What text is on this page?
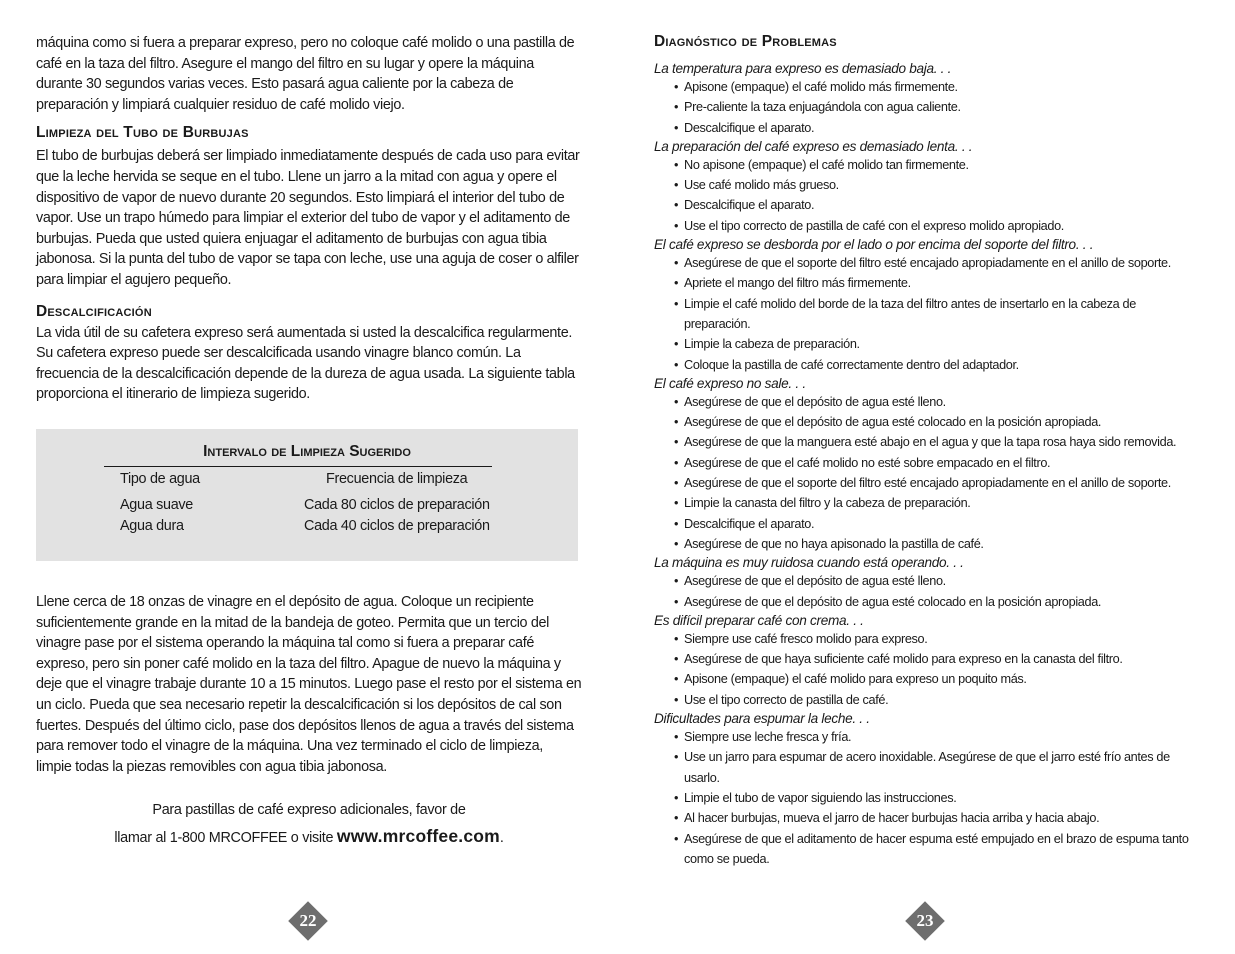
máquina como si fuera a preparar expreso, pero no coloque café molido o una pastilla de café en la taza del filtro. Asegure el mango del filtro en su lugar y opere la máquina durante 30 segundos varias veces. Esto pasará agua caliente por la cabeza de preparación y limpiará cualquier residuo de café molido viejo.

Limpieza del Tubo de Burbujas

El tubo de burbujas deberá ser limpiado inmediatamente después de cada uso para evitar que la leche hervida se seque en el tubo. Llene un jarro a la mitad con agua y opere el dispositivo de vapor de nuevo durante 20 segundos. Esto limpiará el interior del tubo de vapor. Use un trapo húmedo para limpiar el exterior del tubo de vapor y el aditamento de burbujas. Pueda que usted quiera enjuagar el aditamento de burbujas con agua tibia jabonosa. Si la punta del tubo de vapor se tapa con leche, use una aguja de coser o alfiler para limpiar el agujero pequeño.

Descalcificación

La vida útil de su cafetera expreso será aumentada si usted la descalcifica regularmente. Su cafetera expreso puede ser descalcificada usando vinagre blanco común. La frecuencia de la descalcificación depende de la dureza de agua usada. La siguiente tabla proporciona el itinerario de limpieza sugerido.

Intervalo de Limpieza Sugerido
Tipo de agua	Frecuencia de limpieza
Agua suave	Cada 80 ciclos de preparación
Agua dura	Cada 40 ciclos de preparación

Llene cerca de 18 onzas de vinagre en el depósito de agua. Coloque un recipiente suficientemente grande en la mitad de la bandeja de goteo. Permita que un tercio del vinagre pase por el sistema operando la máquina tal como si fuera a preparar café expreso, pero sin poner café molido en la taza del filtro. Apague de nuevo la máquina y deje que el vinagre trabaje durante 10 a 15 minutos. Luego pase el resto por el sistema en un ciclo. Pueda que sea necesario repetir la descalcificación si los depósitos de cal son fuertes. Después del último ciclo, pase dos depósitos llenos de agua a través del sistema para remover todo el vinagre de la máquina. Una vez terminado el ciclo de limpieza, limpie todas la piezas removibles con agua tibia jabonosa.

Para pastillas de café expreso adicionales, favor de
llamar al 1-800 MRCOFFEE o visite www.mrcoffee.com.
22
Diagnóstico de Problemas

La temperatura para expreso es demasiado baja. . .

• Apisone (empaque) el café molido más firmemente.
• Pre-caliente la taza enjuagándola con agua caliente.
• Descalcifique el aparato.

La preparación del café expreso es demasiado lenta. . .

• No apisone (empaque) el café molido tan firmemente.
• Use café molido más grueso.
• Descalcifique el aparato.
• Use el tipo correcto de pastilla de café con el expreso molido apropiado.

El café expreso se desborda por el lado o por encima del soporte del filtro. . .

• Asegúrese de que el soporte del filtro esté encajado apropiadamente en el anillo de soporte.
• Apriete el mango del filtro más firmemente.
• Limpie el café molido del borde de la taza del filtro antes de insertarlo en la cabeza de preparación.
• Limpie la cabeza de preparación.
• Coloque la pastilla de café correctamente dentro del adaptador.

El café expreso no sale. . .

• Asegúrese de que el depósito de agua esté lleno.
• Asegúrese de que el depósito de agua esté colocado en la posición apropiada.
• Asegúrese de que la manguera esté abajo en el agua y que la tapa rosa haya sido removida.
• Asegúrese de que el café molido no esté sobre empacado en el filtro.
• Asegúrese de que el soporte del filtro esté encajado apropiadamente en el anillo de soporte.
• Limpie la canasta del filtro y la cabeza de preparación.
• Descalcifique el aparato.
• Asegúrese de que no haya apisonado la pastilla de café.

La máquina es muy ruidosa cuando está operando. . .

• Asegúrese de que el depósito de agua esté lleno.
• Asegúrese de que el depósito de agua esté colocado en la posición apropiada.

Es difícil preparar café con crema. . .

• Siempre use café fresco molido para expreso.
• Asegúrese de que haya suficiente café molido para expreso en la canasta del filtro.
• Apisone (empaque) el café molido para expreso un poquito más.
• Use el tipo correcto de pastilla de café.

Dificultades para espumar la leche. . .

• Siempre use leche fresca y fría.
• Use un jarro para espumar de acero inoxidable. Asegúrese de que el jarro esté frío antes de usarlo.
• Limpie el tubo de vapor siguiendo las instrucciones.
• Al hacer burbujas, mueva el jarro de hacer burbujas hacia arriba y hacia abajo.
• Asegúrese de que el aditamento de hacer espuma esté empujado en el brazo de espuma tanto como se pueda.
23
